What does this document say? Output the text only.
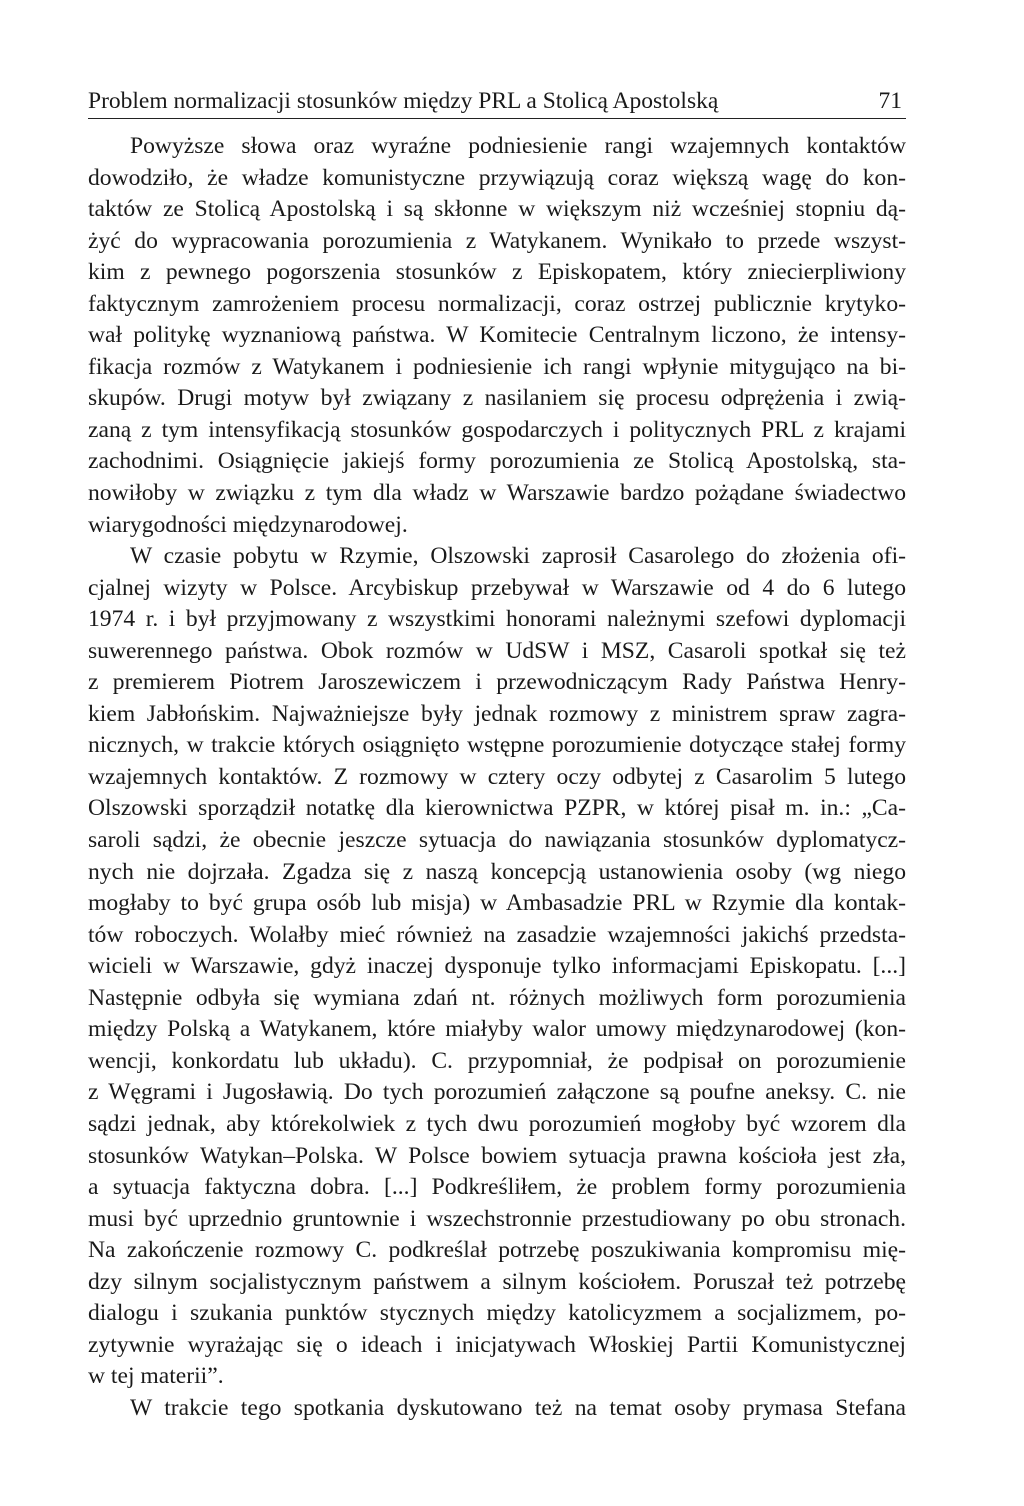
Problem normalizacji stosunków między PRL a Stolicą Apostolską	71
Powyższe słowa oraz wyraźne podniesienie rangi wzajemnych kontaktów
dowodziło, że władze komunistyczne przywiązują coraz większą wagę do kon-
taktów ze Stolicą Apostolską i są skłonne w większym niż wcześniej stopniu dą-
żyć do wypracowania porozumienia z Watykanem. Wynikało to przede wszyst-
kim z pewnego pogorszenia stosunków z Episkopatem, który zniecierpliwiony
faktycznym zamrożeniem procesu normalizacji, coraz ostrzej publicznie krytyko-
wał politykę wyznaniową państwa. W Komitecie Centralnym liczono, że intensy-
fikacja rozmów z Watykanem i podniesienie ich rangi wpłynie mitygująco na bi-
skupów. Drugi motyw był związany z nasilaniem się procesu odprężenia i zwią-
zaną z tym intensyfikacją stosunków gospodarczych i politycznych PRL z krajami
zachodnimi. Osiągnięcie jakiejś formy porozumienia ze Stolicą Apostolską, sta-
nowiłoby w związku z tym dla władz w Warszawie bardzo pożądane świadectwo
wiarygodności międzynarodowej.
W czasie pobytu w Rzymie, Olszowski zaprosił Casarolego do złożenia ofi-
cjalnej wizyty w Polsce. Arcybiskup przebywał w Warszawie od 4 do 6 lutego
1974 r. i był przyjmowany z wszystkimi honorami należnymi szefowi dyplomacji
suwerennego państwa. Obok rozmów w UdSW i MSZ, Casaroli spotkał się też
z premierem Piotrem Jaroszewiczem i przewodniczącym Rady Państwa Henry-
kiem Jabłońskim. Najważniejsze były jednak rozmowy z ministrem spraw zagra-
nicznych, w trakcie których osiągnięto wstępne porozumienie dotyczące stałej formy
wzajemnych kontaktów. Z rozmowy w cztery oczy odbytej z Casarolim 5 lutego
Olszowski sporządził notatkę dla kierownictwa PZPR, w której pisał m. in.: „Ca-
saroli sądzi, że obecnie jeszcze sytuacja do nawiązania stosunków dyplomatycz-
nych nie dojrzała. Zgadza się z naszą koncepcją ustanowienia osoby (wg niego
mogłaby to być grupa osób lub misja) w Ambasadzie PRL w Rzymie dla kontak-
tów roboczych. Wolałby mieć również na zasadzie wzajemności jakichś przedsta-
wicieli w Warszawie, gdyż inaczej dysponuje tylko informacjami Episkopatu. [...]
Następnie odbyła się wymiana zdań nt. różnych możliwych form porozumienia
między Polską a Watykanem, które miałyby walor umowy międzynarodowej (kon-
wencji, konkordatu lub układu). C. przypomniał, że podpisał on porozumienie
z Węgrami i Jugosławią. Do tych porozumień załączone są poufne aneksy. C. nie
sądzi jednak, aby którekolwiek z tych dwu porozumień mogłoby być wzorem dla
stosunków Watykan–Polska. W Polsce bowiem sytuacja prawna kościoła jest zła,
a sytuacja faktyczna dobra. [...] Podkreśliłem, że problem formy porozumienia
musi być uprzednio gruntownie i wszechstronnie przestudiowany po obu stronach.
Na zakończenie rozmowy C. podkreślał potrzebę poszukiwania kompromisu mię-
dzy silnym socjalistycznym państwem a silnym kościołem. Poruszał też potrzebę
dialogu i szukania punktów stycznych między katolicyzmem a socjalizmem, po-
zytywnie wyrażając się o ideach i inicjatywach Włoskiej Partii Komunistycznej
w tej materii”.
W trakcie tego spotkania dyskutowano też na temat osoby prymasa Stefana
